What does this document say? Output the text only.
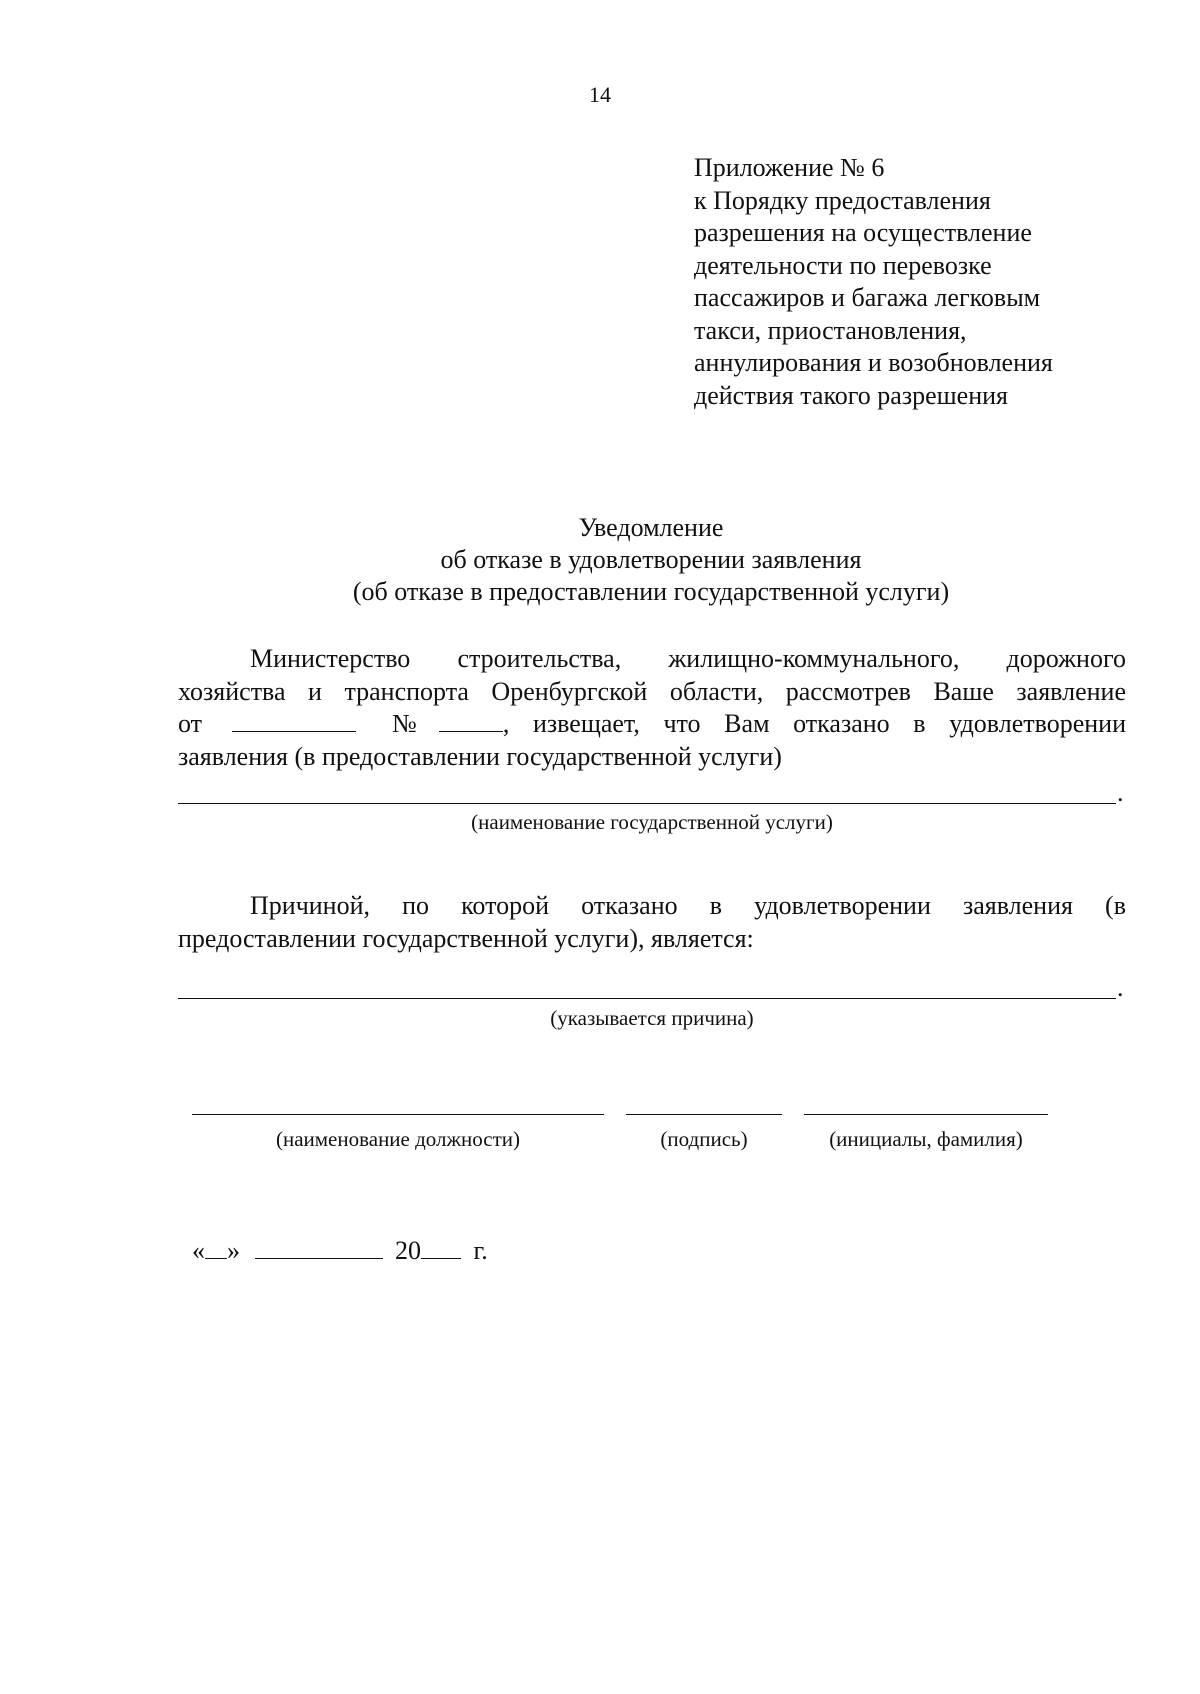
14
Приложение № 6
к Порядку предоставления
разрешения на осуществление
деятельности по перевозке
пассажиров и багажа легковым
такси, приостановления,
аннулирования и возобновления
действия такого разрешения
Уведомление
об отказе в удовлетворении заявления
(об отказе в предоставлении государственной услуги)
Министерство строительства, жилищно-коммунального, дорожного
хозяйства и транспорта Оренбургской области, рассмотрев Ваше заявление
от	№	, извещает, что Вам отказано в удовлетворении
заявления (в предоставлении государственной услуги)
.
(наименование государственной услуги)
Причиной, по которой отказано в удовлетворении заявления (в
предоставлении государственной услуги), является:
.
(указывается причина)
(наименование должности)	(подпись)	(инициалы, фамилия)
« »	20 г.
